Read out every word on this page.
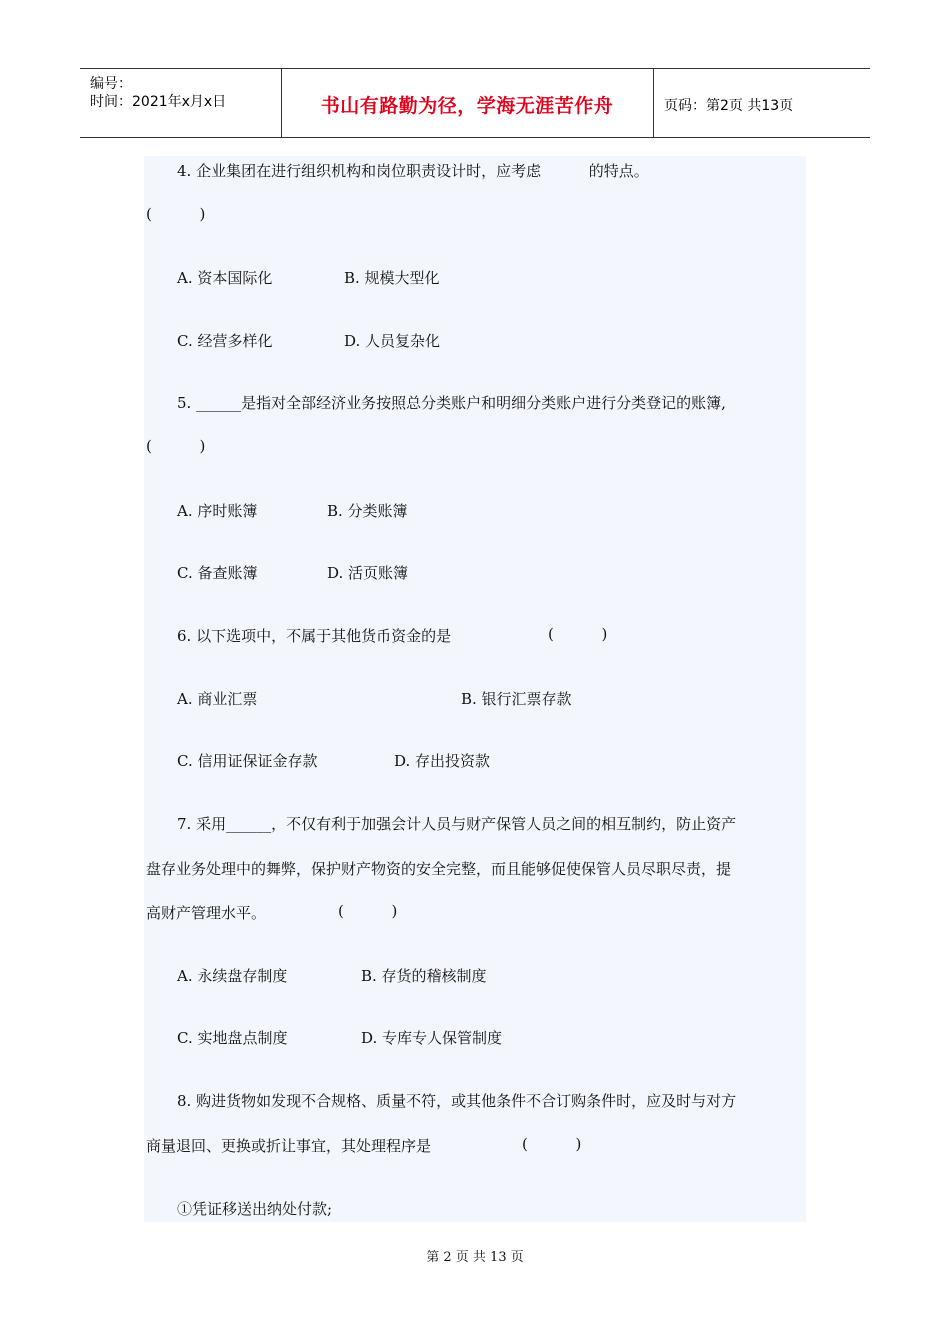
编号：
时间：2021年x月x日	书山有路勤为径，学海无涯苦作舟	页码：第2页 共13页
4. 企业集团在进行组织机构和岗位职责设计时，应考虑          的特点。
(          )
A. 资本国际化	B. 规模大型化
C. 经营多样化	D. 人员复杂化
5. ______是指对全部经济业务按照总分类账户和明细分类账户进行分类登记的账簿,
(          )
A. 序时账簿	B. 分类账簿
C. 备查账簿	D. 活页账簿
6. 以下选项中，不属于其他货币资金的是	(          )
A. 商业汇票	B. 银行汇票存款
C. 信用证保证金存款	D. 存出投资款
7. 采用______，不仅有利于加强会计人员与财产保管人员之间的相互制约，防止资产
盘存业务处理中的舞弊，保护财产物资的安全完整，而且能够促使保管人员尽职尽责，提
高财产管理水平。	(          )
A. 永续盘存制度	B. 存货的稽核制度
C. 实地盘点制度	D. 专库专人保管制度
8. 购进货物如发现不合规格、质量不符，或其他条件不合订购条件时，应及时与对方
商量退回、更换或折让事宜，其处理程序是	(          )
①凭证移送出纳处付款;
第 2 页 共 13 页
